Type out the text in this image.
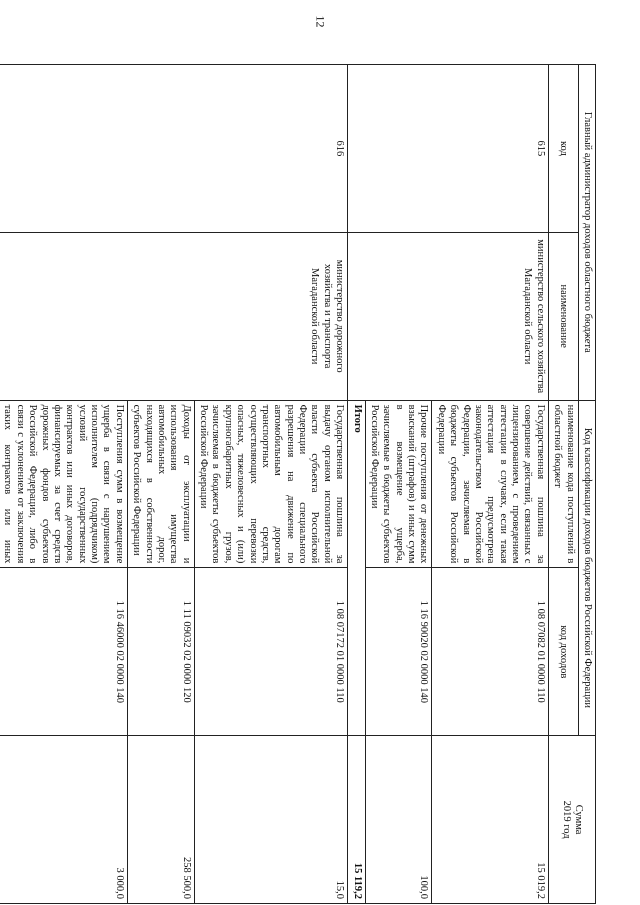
12
Главный администратор доходов областного бюджета		Код классификации доходов бюджетов Российской Федерации		Сумма
2019 год

код	наименование	наименование кода поступлений в областной бюджет	код доходов	
615	министерство сельского хозяйства Магаданской области	Государственная пошлина за совершение действий, связанных с лицензированием, с проведением аттестации в случаях, если такая аттестация предусмотрена законодательством Российской Федерации, зачисляемая в бюджеты субъектов Российской Федерации	1 08 07082 01 0000 110	15 019,2
		Прочие поступления от денежных взысканий (штрафов) и иных сумм в возмещение ущерба, зачисляемые в бюджеты субъектов Российской Федерации	1 16 90020 02 0000 140	100,0
		Итого		15 119,2
616	министерство дорожного хозяйства и транспорта Магаданской области	Государственная пошлина за выдачу органом исполнительной власти субъекта Российской Федерации специального разрешения на движение по автомобильным дорогам транспортных средств, осуществляющих перевозки опасных, тяжеловесных и (или) крупногабаритных грузов, зачисляемая в бюджеты субъектов Российской Федерации	1 08 07172 01 0000 110	15,0
		Доходы от эксплуатации и использования имущества автомобильных дорог, находящихся в собственности субъектов Российской Федерации	1 11 09032 02 0000 120	258 500,0
		Поступления сумм в возмещение ущерба в связи с нарушением исполнителем (подрядчиком) условий государственных контрактов или иных договоров, финансируемых за счет средств дорожных фондов субъектов Российской Федерации, либо в связи с уклонением от заключения таких контрактов или иных	1 16 46000 02 0000 140	3 000,0
